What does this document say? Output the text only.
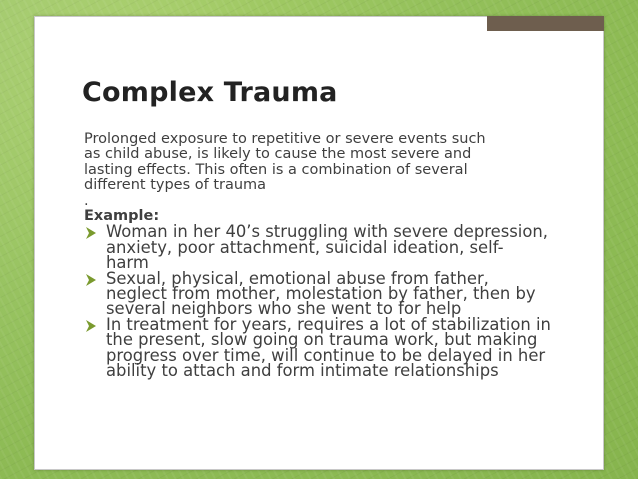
Complex Trauma
Prolonged exposure to repetitive or severe events such
as child abuse, is likely to cause the most severe and
lasting effects. This often is a combination of several
different types of trauma
.
Example:
Woman in her 40’s struggling with severe depression,
anxiety, poor attachment, suicidal ideation, self-
harm
Sexual, physical, emotional abuse from father,
neglect from mother, molestation by father, then by
several neighbors who she went to for help
In treatment for years, requires a lot of stabilization in
the present, slow going on trauma work, but making
progress over time, will continue to be delayed in her
ability to attach and form intimate relationships
